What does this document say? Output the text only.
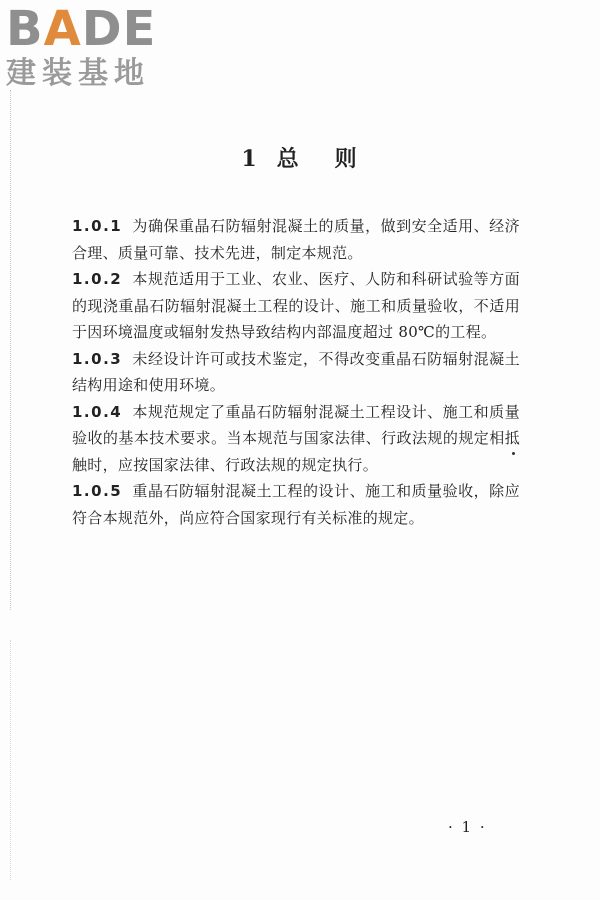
BADE
建装基地
1 总 则
1.0.1 为确保重晶石防辐射混凝土的质量，做到安全适用、经济合理、质量可靠、技术先进，制定本规范。
1.0.2 本规范适用于工业、农业、医疗、人防和科研试验等方面的现浇重晶石防辐射混凝土工程的设计、施工和质量验收，不适用于因环境温度或辐射发热导致结构内部温度超过 80℃的工程。
1.0.3 未经设计许可或技术鉴定，不得改变重晶石防辐射混凝土结构用途和使用环境。
1.0.4 本规范规定了重晶石防辐射混凝土工程设计、施工和质量验收的基本技术要求。当本规范与国家法律、行政法规的规定相抵触时，应按国家法律、行政法规的规定执行。
1.0.5 重晶石防辐射混凝土工程的设计、施工和质量验收，除应符合本规范外，尚应符合国家现行有关标准的规定。
· 1 ·
